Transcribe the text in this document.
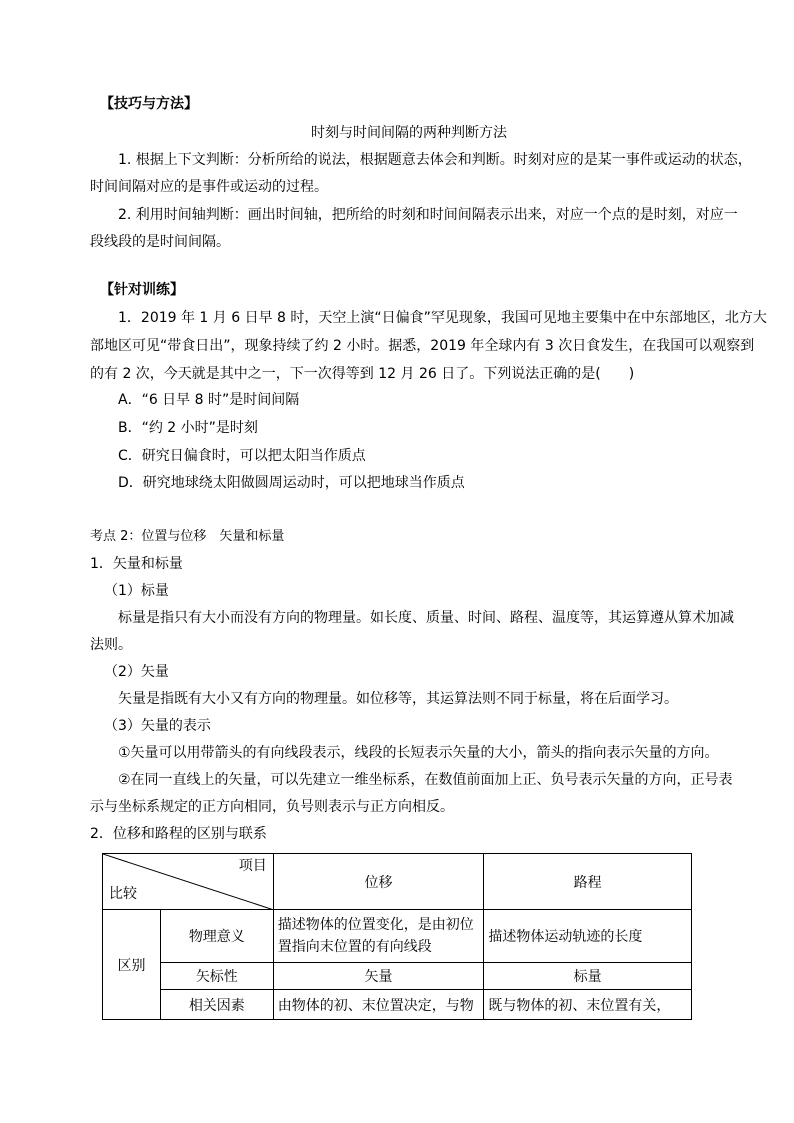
【技巧与方法】

时刻与时间间隔的两种判断方法

1. 根据上下文判断：分析所给的说法，根据题意去体会和判断。时刻对应的是某一事件或运动的状态，

时间间隔对应的是事件或运动的过程。

2. 利用时间轴判断：画出时间轴，把所给的时刻和时间间隔表示出来，对应一个点的是时刻，对应一

段线段的是时间间隔。

【针对训练】

1．2019 年 1 月 6 日早 8 时，天空上演“日偏食”罕见现象，我国可见地主要集中在中东部地区，北方大

部地区可见“带食日出”，现象持续了约 2 小时。据悉，2019 年全球内有 3 次日食发生，在我国可以观察到

的有 2 次，今天就是其中之一，下一次得等到 12 月 26 日了。下列说法正确的是(　　)

A．“6 日早 8 时”是时间间隔

B．“约 2 小时”是时刻

C．研究日偏食时，可以把太阳当作质点

D．研究地球绕太阳做圆周运动时，可以把地球当作质点

考点 2：位置与位移　矢量和标量

1．矢量和标量

（1）标量

标量是指只有大小而没有方向的物理量。如长度、质量、时间、路程、温度等，其运算遵从算术加减

法则。

（2）矢量

矢量是指既有大小又有方向的物理量。如位移等，其运算法则不同于标量，将在后面学习。

（3）矢量的表示

①矢量可以用带箭头的有向线段表示，线段的长短表示矢量的大小，箭头的指向表示矢量的方向。

②在同一直线上的矢量，可以先建立一维坐标系，在数值前面加上正、负号表示矢量的方向，正号表

示与坐标系规定的正方向相同，负号则表示与正方向相反。

2．位移和路程的区别与联系

项目
比较		位移	路程
区别	物理意义	描述物体的位置变化，是由初位置指向末位置的有向线段	描述物体运动轨迹的长度
	矢标性	矢量	标量
	相关因素	由物体的初、末位置决定，与物	既与物体的初、末位置有关，
